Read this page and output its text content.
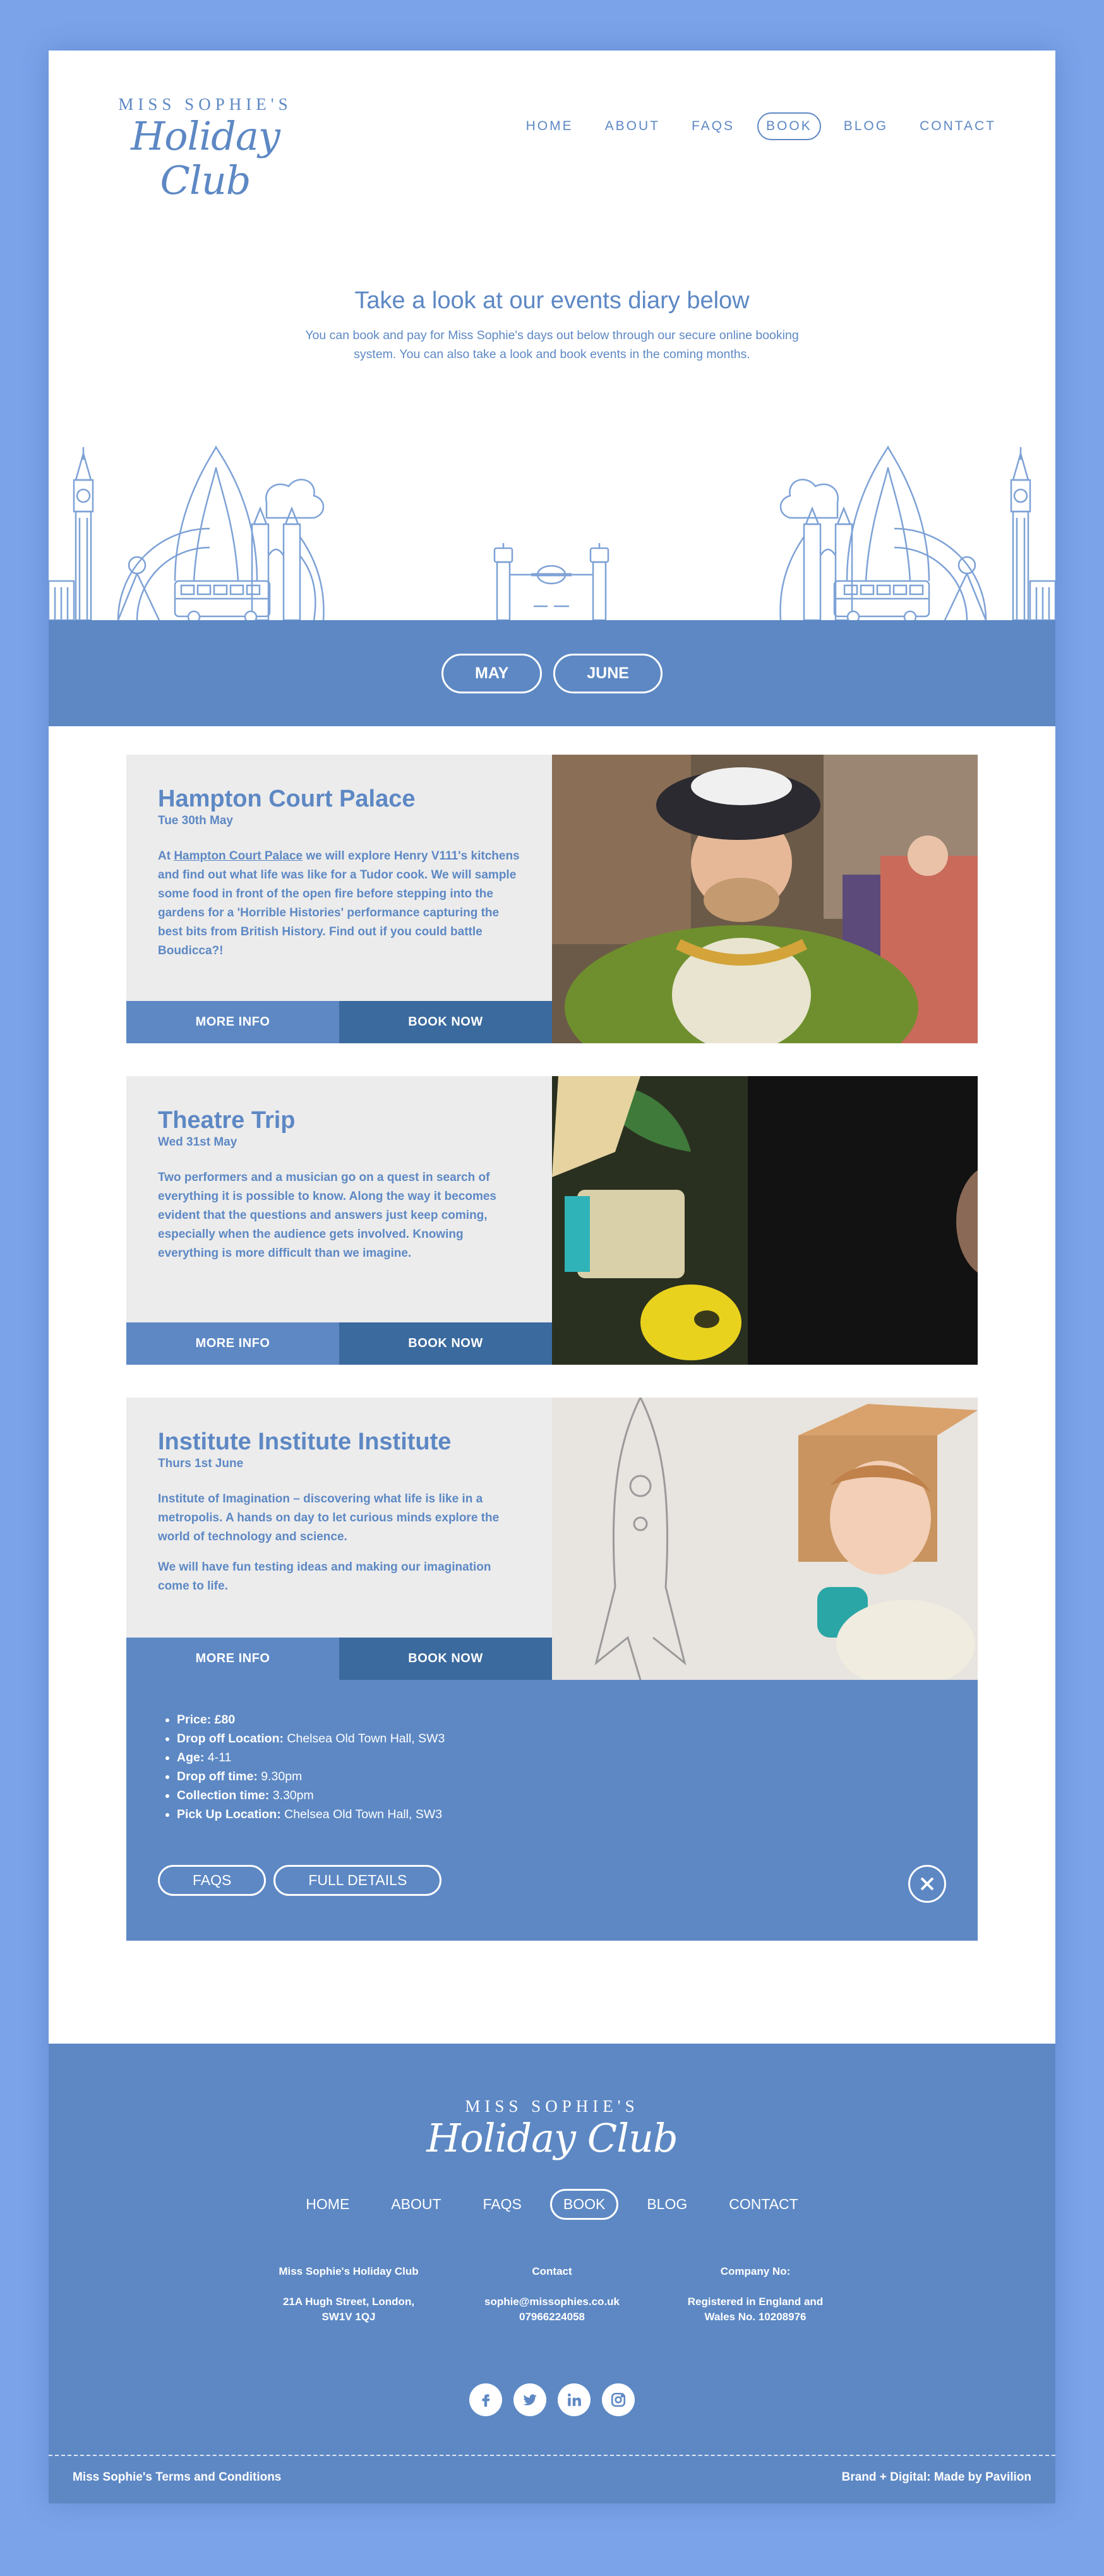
MISS SOPHIE'S
Holiday Club
HOME	ABOUT	FAQS	BOOK	BLOG	CONTACT
Take a look at our events diary below

You can book and pay for Miss Sophie's days out below through our secure online booking system. You can also take a look and book events in the coming months.

MAY	JUNE
Hampton Court Palace
Tue 30th May

At Hampton Court Palace we will explore Henry V111's kitchens and find out what life was like for a Tudor cook. We will sample some food in front of the open fire before stepping into the gardens for a 'Horrible Histories' performance capturing the best bits from British History. Find out if you could battle Boudicca?!

MORE INFO	BOOK NOW
Theatre Trip
Wed 31st May

Two performers and a musician go on a quest in search of everything it is possible to know. Along the way it becomes evident that the questions and answers just keep coming, especially when the audience gets involved. Knowing everything is more difficult than we imagine.

MORE INFO	BOOK NOW
Institute Institute Institute
Thurs 1st June

Institute of Imagination – discovering what life is like in a metropolis. A hands on day to let curious minds explore the world of technology and science.

We will have fun testing ideas and making our imagination come to life.

MORE INFO	BOOK NOW
• Price: £80
• Drop off Location: Chelsea Old Town Hall, SW3
• Age: 4-11
• Drop off time: 9.30pm
• Collection time: 3.30pm
• Pick Up Location: Chelsea Old Town Hall, SW3
FAQS	FULL DETAILS
MISS SOPHIE'S
Holiday Club
HOME	ABOUT	FAQS	BOOK	BLOG	CONTACT
Miss Sophie's Holiday Club
21A Hugh Street, London,
SW1V 1QJ
Contact
sophie@missophies.co.uk
07966224058
Company No:
Registered in England and
Wales No. 10208976
Miss Sophie's Terms and Conditions	Brand + Digital: Made by Pavilion
